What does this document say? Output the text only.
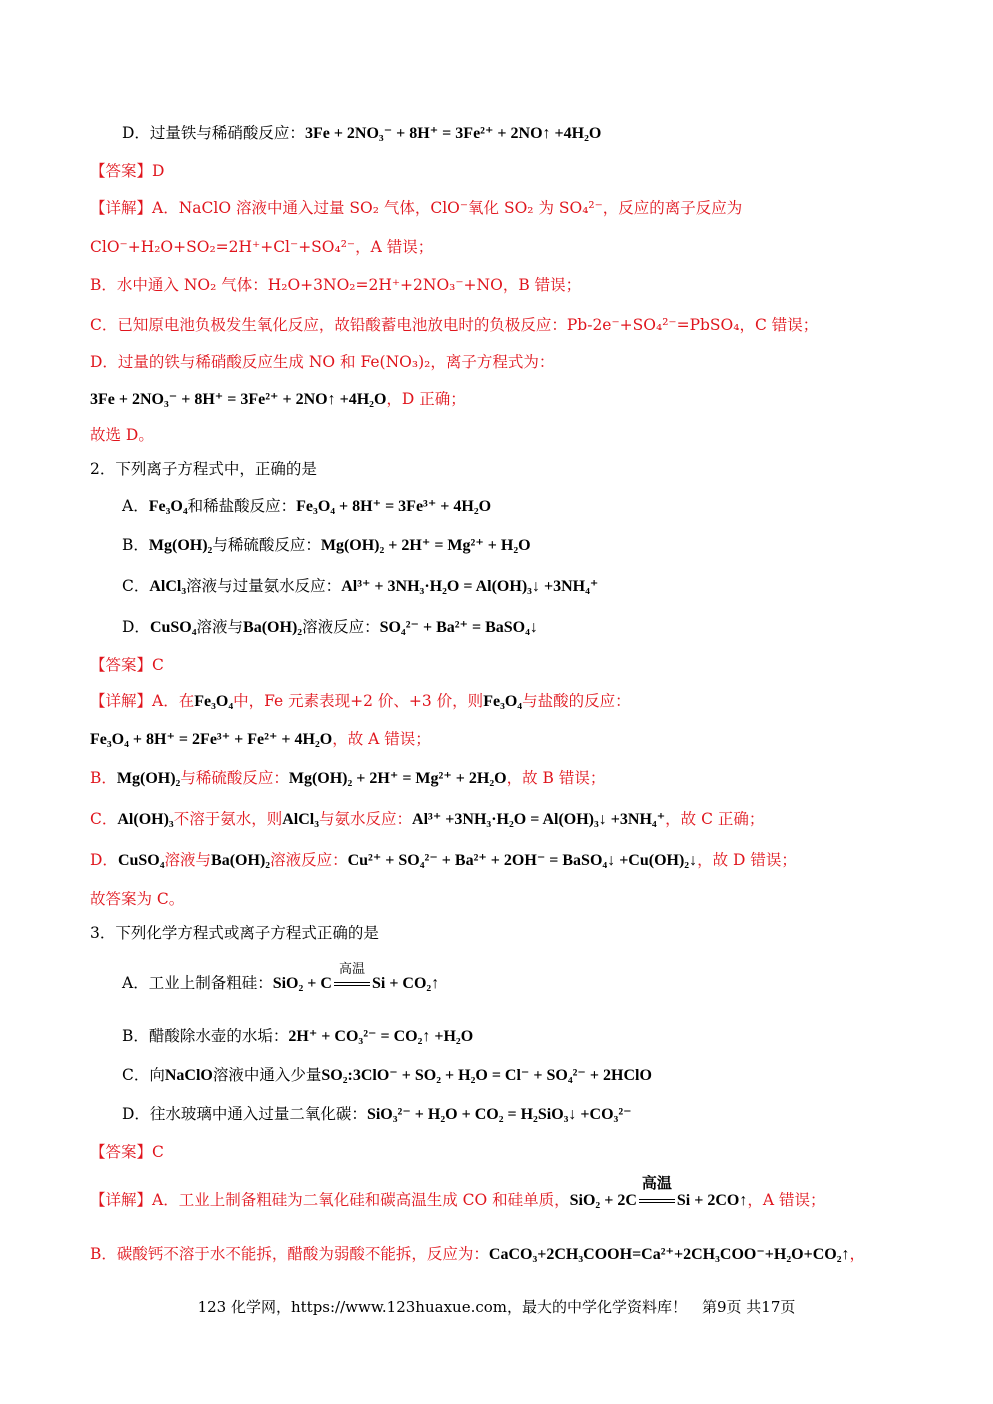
D．过量铁与稀硝酸反应：3Fe + 2NO₃⁻ + 8H⁺ = 3Fe²⁺ + 2NO↑ +4H₂O
【答案】D
【详解】A．NaClO 溶液中通入过量 SO₂ 气体，ClO⁻氧化 SO₂ 为 SO₄²⁻，反应的离子反应为
ClO⁻+H₂O+SO₂=2H⁺+Cl⁻+SO₄²⁻，A 错误；
B．水中通入 NO₂ 气体：H₂O+3NO₂=2H⁺+2NO₃⁻+NO，B 错误；
C．已知原电池负极发生氧化反应，故铅酸蓄电池放电时的负极反应：Pb-2e⁻+SO₄²⁻=PbSO₄，C 错误；
D．过量的铁与稀硝酸反应生成 NO 和 Fe(NO₃)₂，离子方程式为：
3Fe + 2NO₃⁻ + 8H⁺ = 3Fe²⁺ + 2NO↑ +4H₂O，D 正确；
故选 D。
2．下列离子方程式中，正确的是
A．Fe₃O₄和稀盐酸反应：Fe₃O₄ + 8H⁺ = 3Fe³⁺ + 4H₂O
B．Mg(OH)₂与稀硫酸反应：Mg(OH)₂ + 2H⁺ = Mg²⁺ + H₂O
C．AlCl₃溶液与过量氨水反应：Al³⁺ + 3NH₃·H₂O = Al(OH)₃↓ +3NH₄⁺
D．CuSO₄溶液与Ba(OH)₂溶液反应：SO₄²⁻ + Ba²⁺ = BaSO₄↓
【答案】C
【详解】A．在Fe₃O₄中，Fe 元素表现+2 价、+3 价，则Fe₃O₄与盐酸的反应：
Fe₃O₄ + 8H⁺ = 2Fe³⁺ + Fe²⁺ + 4H₂O，故 A 错误；
B．Mg(OH)₂与稀硫酸反应：Mg(OH)₂ + 2H⁺ = Mg²⁺ + 2H₂O，故 B 错误；
C．Al(OH)₃不溶于氨水，则AlCl₃与氨水反应：Al³⁺ +3NH₃·H₂O = Al(OH)₃↓ +3NH₄⁺，故 C 正确；
D．CuSO₄溶液与Ba(OH)₂溶液反应：Cu²⁺ + SO₄²⁻ + Ba²⁺ + 2OH⁻ = BaSO₄↓ +Cu(OH)₂↓，故 D 错误；
故答案为 C。
3．下列化学方程式或离子方程式正确的是
A．工业上制备粗硅：SiO₂ + C
高温
Si + CO₂↑
B．醋酸除水壶的水垢：2H⁺ + CO₃²⁻ = CO₂↑ +H₂O
C．向NaClO溶液中通入少量SO₂:3ClO⁻ + SO₂ + H₂O = Cl⁻ + SO₄²⁻ + 2HClO
D．往水玻璃中通入过量二氧化碳：SiO₃²⁻ + H₂O + CO₂ = H₂SiO₃↓ +CO₃²⁻
【答案】C
【详解】A．工业上制备粗硅为二氧化硅和碳高温生成 CO 和硅单质，SiO₂ + 2C
高温
Si + 2CO↑，A 错误；
B．碳酸钙不溶于水不能拆，醋酸为弱酸不能拆，反应为：CaCO₃+2CH₃COOH=Ca²⁺+2CH₃COO⁻+H₂O+CO₂↑，
123 化学网，https://www.123huaxue.com，最大的中学化学资料库！　第9页 共17页
